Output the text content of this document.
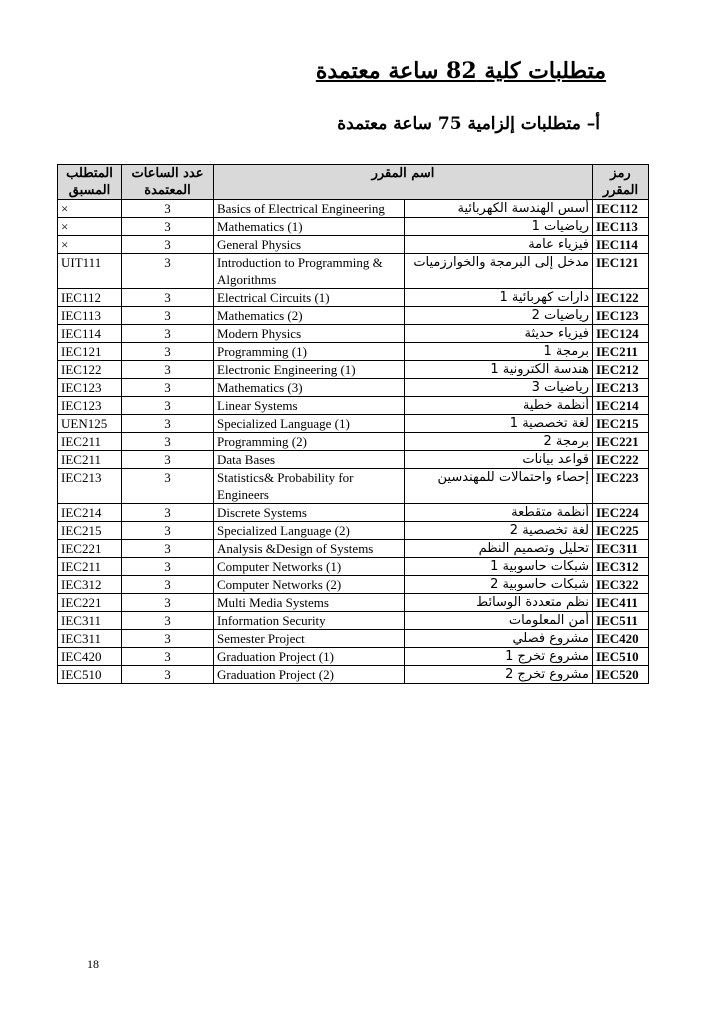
متطلبات كلية 82 ساعة معتمدة
أ– متطلبات إلزامية 75 ساعة معتمدة
المتطلب المسبق	عدد الساعات المعتمدة	اسم المقرر		رمز المقرر
×	3	Basics of Electrical Engineering	أسس الهندسة الكهربائية	IEC112
×	3	Mathematics (1)	رياضيات 1	IEC113
×	3	General Physics	فيزياء عامة	IEC114
UIT111	3	Introduction to Programming & Algorithms	مدخل إلى البرمجة والخوارزميات	IEC121
IEC112	3	Electrical Circuits (1)	دارات كهربائية 1	IEC122
IEC113	3	Mathematics (2)	رياضيات 2	IEC123
IEC114	3	Modern Physics	فيزياء حديثة	IEC124
IEC121	3	Programming (1)	برمجة 1	IEC211
IEC122	3	Electronic Engineering (1)	هندسة الكترونية 1	IEC212
IEC123	3	Mathematics (3)	رياضيات 3	IEC213
IEC123	3	Linear Systems	أنظمة خطية	IEC214
UEN125	3	Specialized Language (1)	لغة تخصصية 1	IEC215
IEC211	3	Programming (2)	برمجة 2	IEC221
IEC211	3	Data Bases	قواعد بيانات	IEC222
IEC213	3	Statistics& Probability for Engineers	إحصاء واحتمالات للمهندسين	IEC223
IEC214	3	Discrete Systems	أنظمة متقطعة	IEC224
IEC215	3	Specialized Language (2)	لغة تخصصية 2	IEC225
IEC221	3	Analysis &Design of Systems	تحليل وتصميم النظم	IEC311
IEC211	3	Computer Networks (1)	شبكات حاسوبية 1	IEC312
IEC312	3	Computer Networks (2)	شبكات حاسوبية 2	IEC322
IEC221	3	Multi Media Systems	نظم متعددة الوسائط	IEC411
IEC311	3	Information Security	أمن المعلومات	IEC511
IEC311	3	Semester Project	مشروع فصلي	IEC420
IEC420	3	Graduation Project (1)	مشروع تخرج 1	IEC510
IEC510	3	Graduation Project (2)	مشروع تخرج 2	IEC520
18
